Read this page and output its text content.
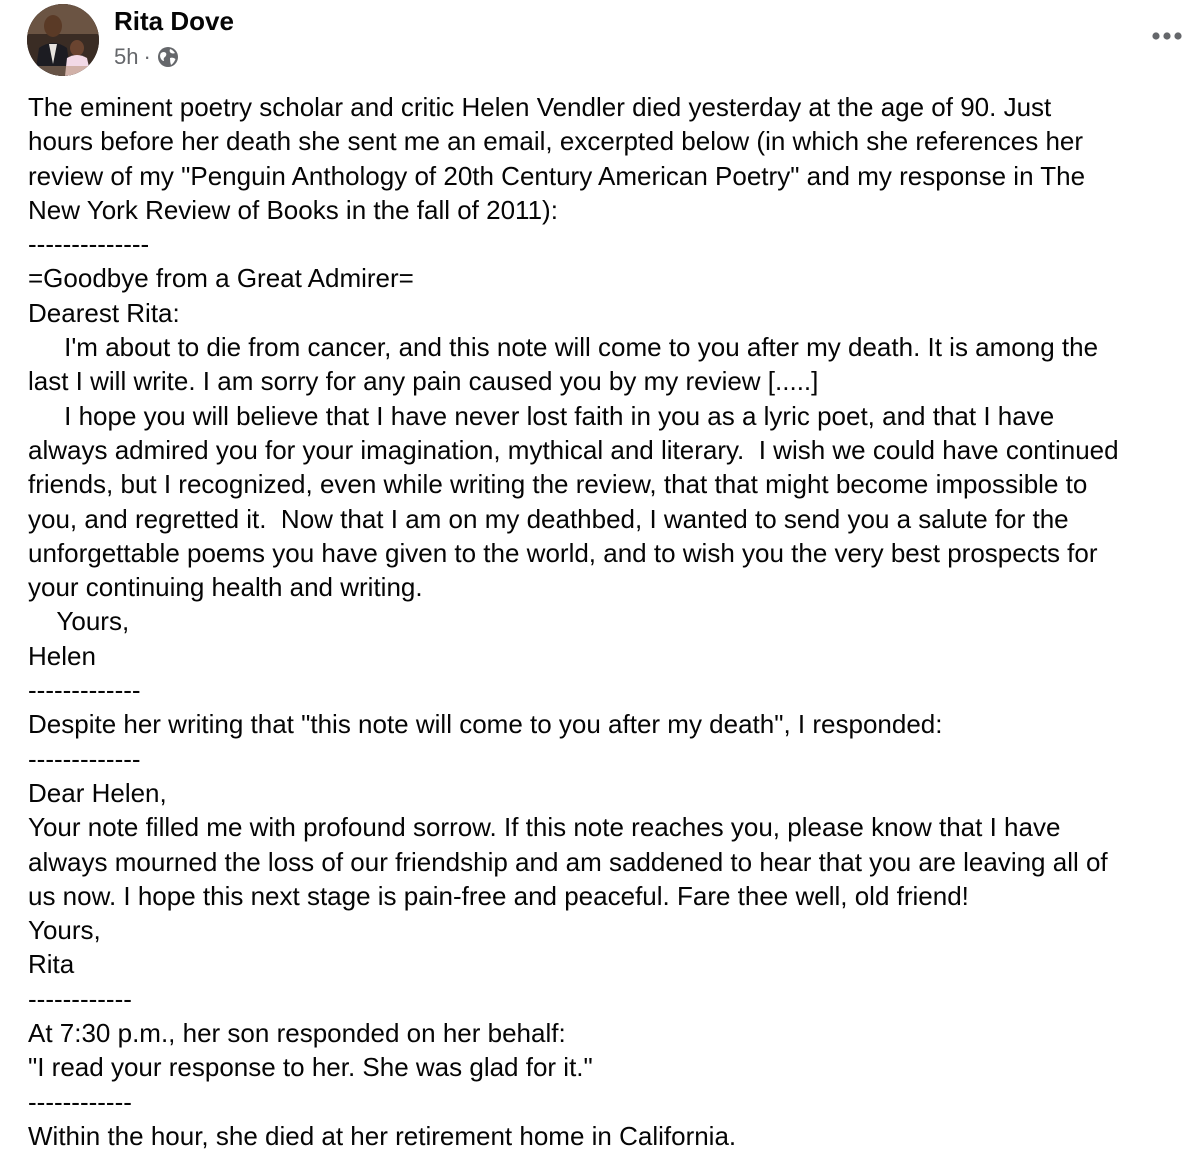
Rita Dove
5h ·
The eminent poetry scholar and critic Helen Vendler died yesterday at the age of 90. Just
hours before her death she sent me an email, excerpted below (in which she references her
review of my "Penguin Anthology of 20th Century American Poetry" and my response in The
New York Review of Books in the fall of 2011):
--------------
=Goodbye from a Great Admirer=
Dearest Rita:
I'm about to die from cancer, and this note will come to you after my death. It is among the
last I will write. I am sorry for any pain caused you by my review [.....]
I hope you will believe that I have never lost faith in you as a lyric poet, and that I have
always admired you for your imagination, mythical and literary.  I wish we could have continued
friends, but I recognized, even while writing the review, that that might become impossible to
you, and regretted it.  Now that I am on my deathbed, I wanted to send you a salute for the
unforgettable poems you have given to the world, and to wish you the very best prospects for
your continuing health and writing.
Yours,
Helen
-------------
Despite her writing that "this note will come to you after my death", I responded:
-------------
Dear Helen,
Your note filled me with profound sorrow. If this note reaches you, please know that I have
always mourned the loss of our friendship and am saddened to hear that you are leaving all of
us now. I hope this next stage is pain-free and peaceful. Fare thee well, old friend!
Yours,
Rita
------------
At 7:30 p.m., her son responded on her behalf:
"I read your response to her. She was glad for it."
------------
Within the hour, she died at her retirement home in California.
